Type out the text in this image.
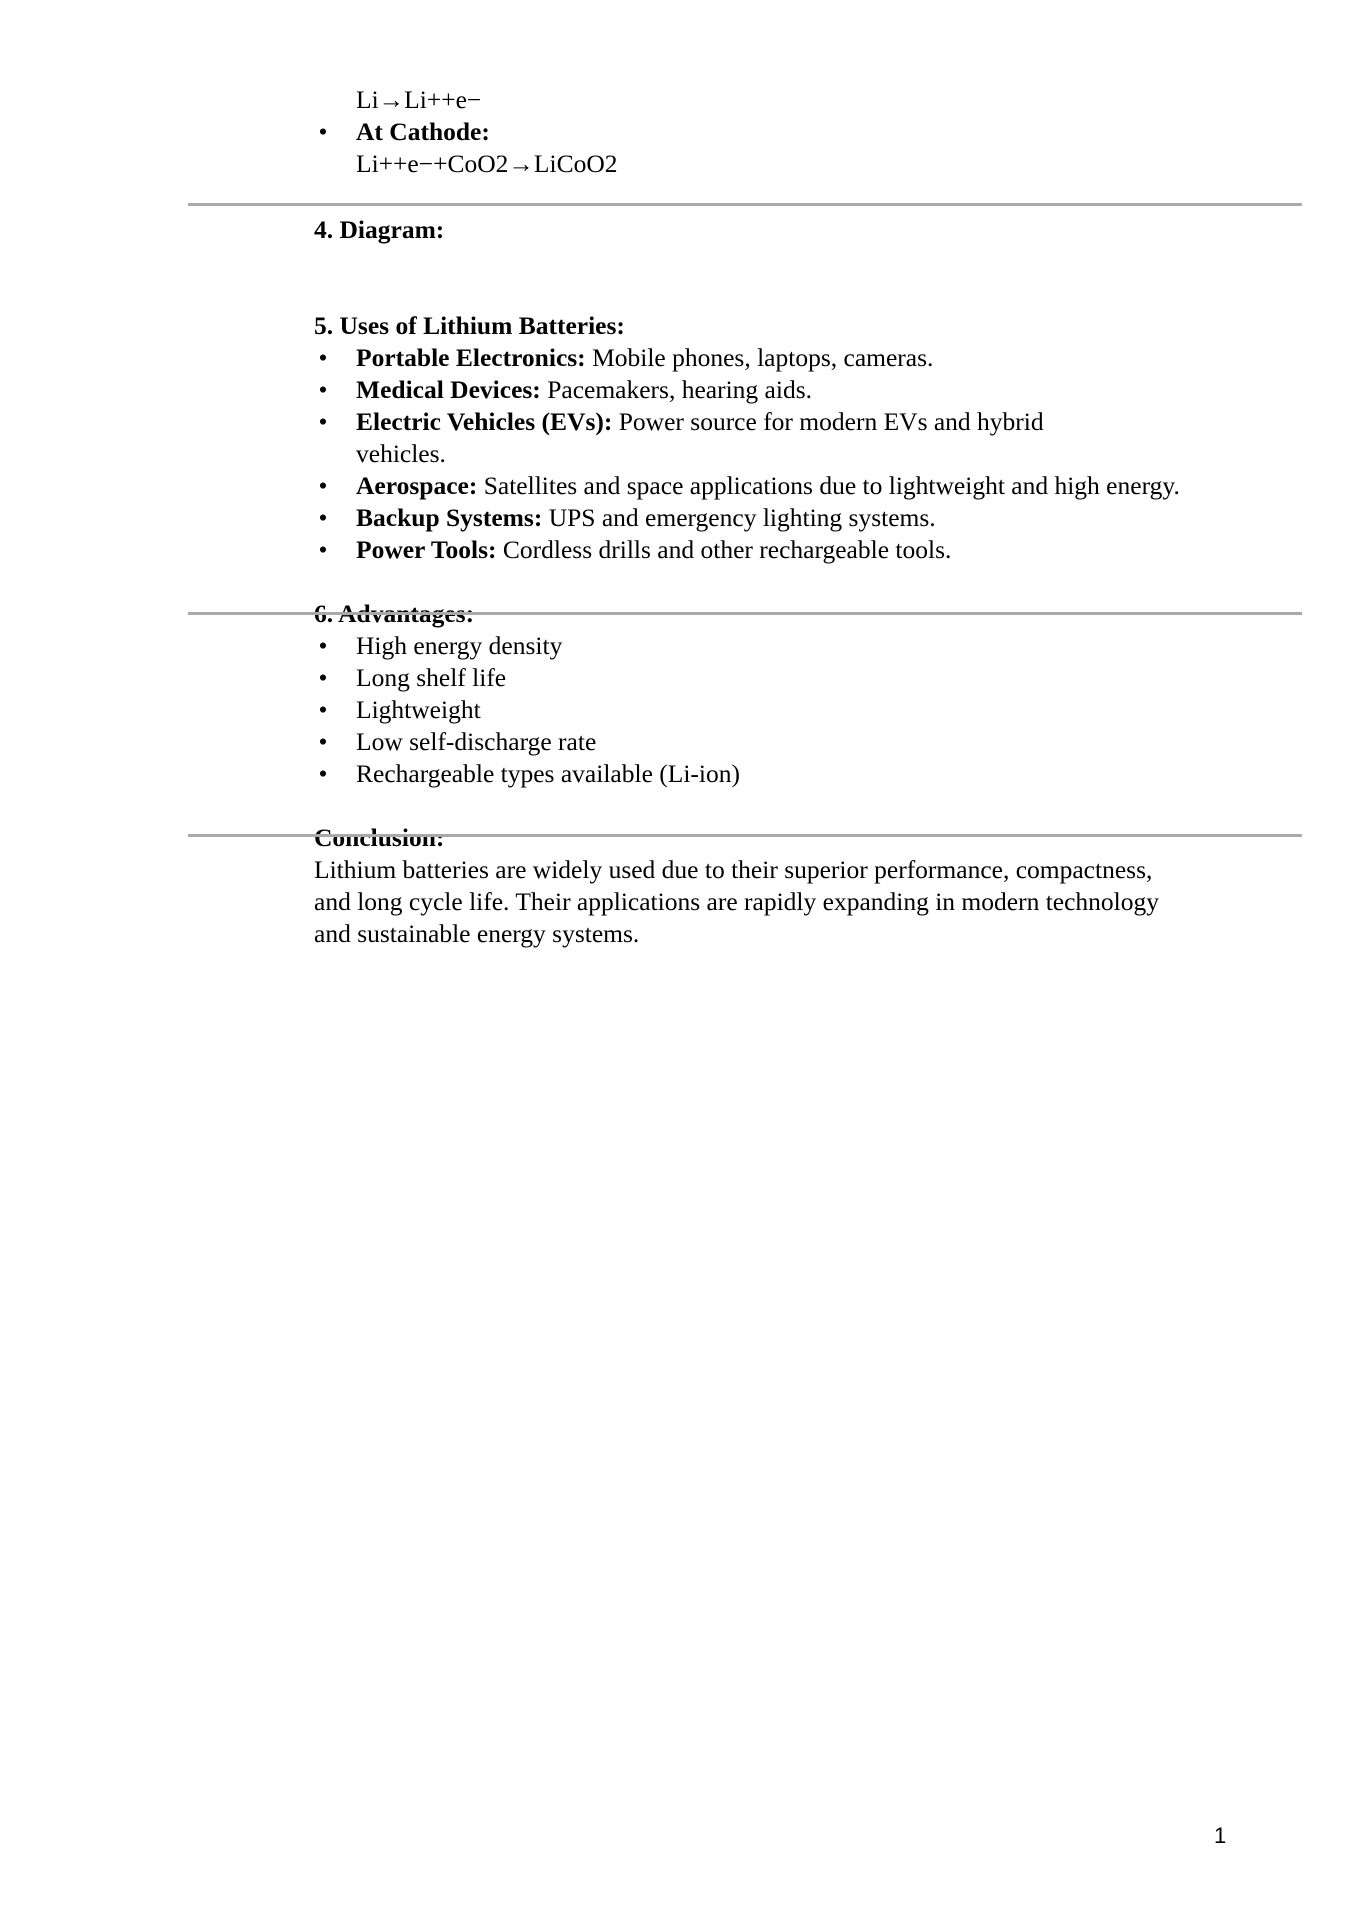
Li→Li++e−
• At Cathode:
Li++e−+CoO2→LiCoO2
4. Diagram:
5. Uses of Lithium Batteries:
• Portable Electronics: Mobile phones, laptops, cameras.
• Medical Devices: Pacemakers, hearing aids.
• Electric Vehicles (EVs): Power source for modern EVs and hybrid vehicles.
• Aerospace: Satellites and space applications due to lightweight and high energy.
• Backup Systems: UPS and emergency lighting systems.
• Power Tools: Cordless drills and other rechargeable tools.
6. Advantages:
• High energy density
• Long shelf life
• Lightweight
• Low self-discharge rate
• Rechargeable types available (Li-ion)
Conclusion:
Lithium batteries are widely used due to their superior performance, compactness, and long cycle life. Their applications are rapidly expanding in modern technology and sustainable energy systems.
1
